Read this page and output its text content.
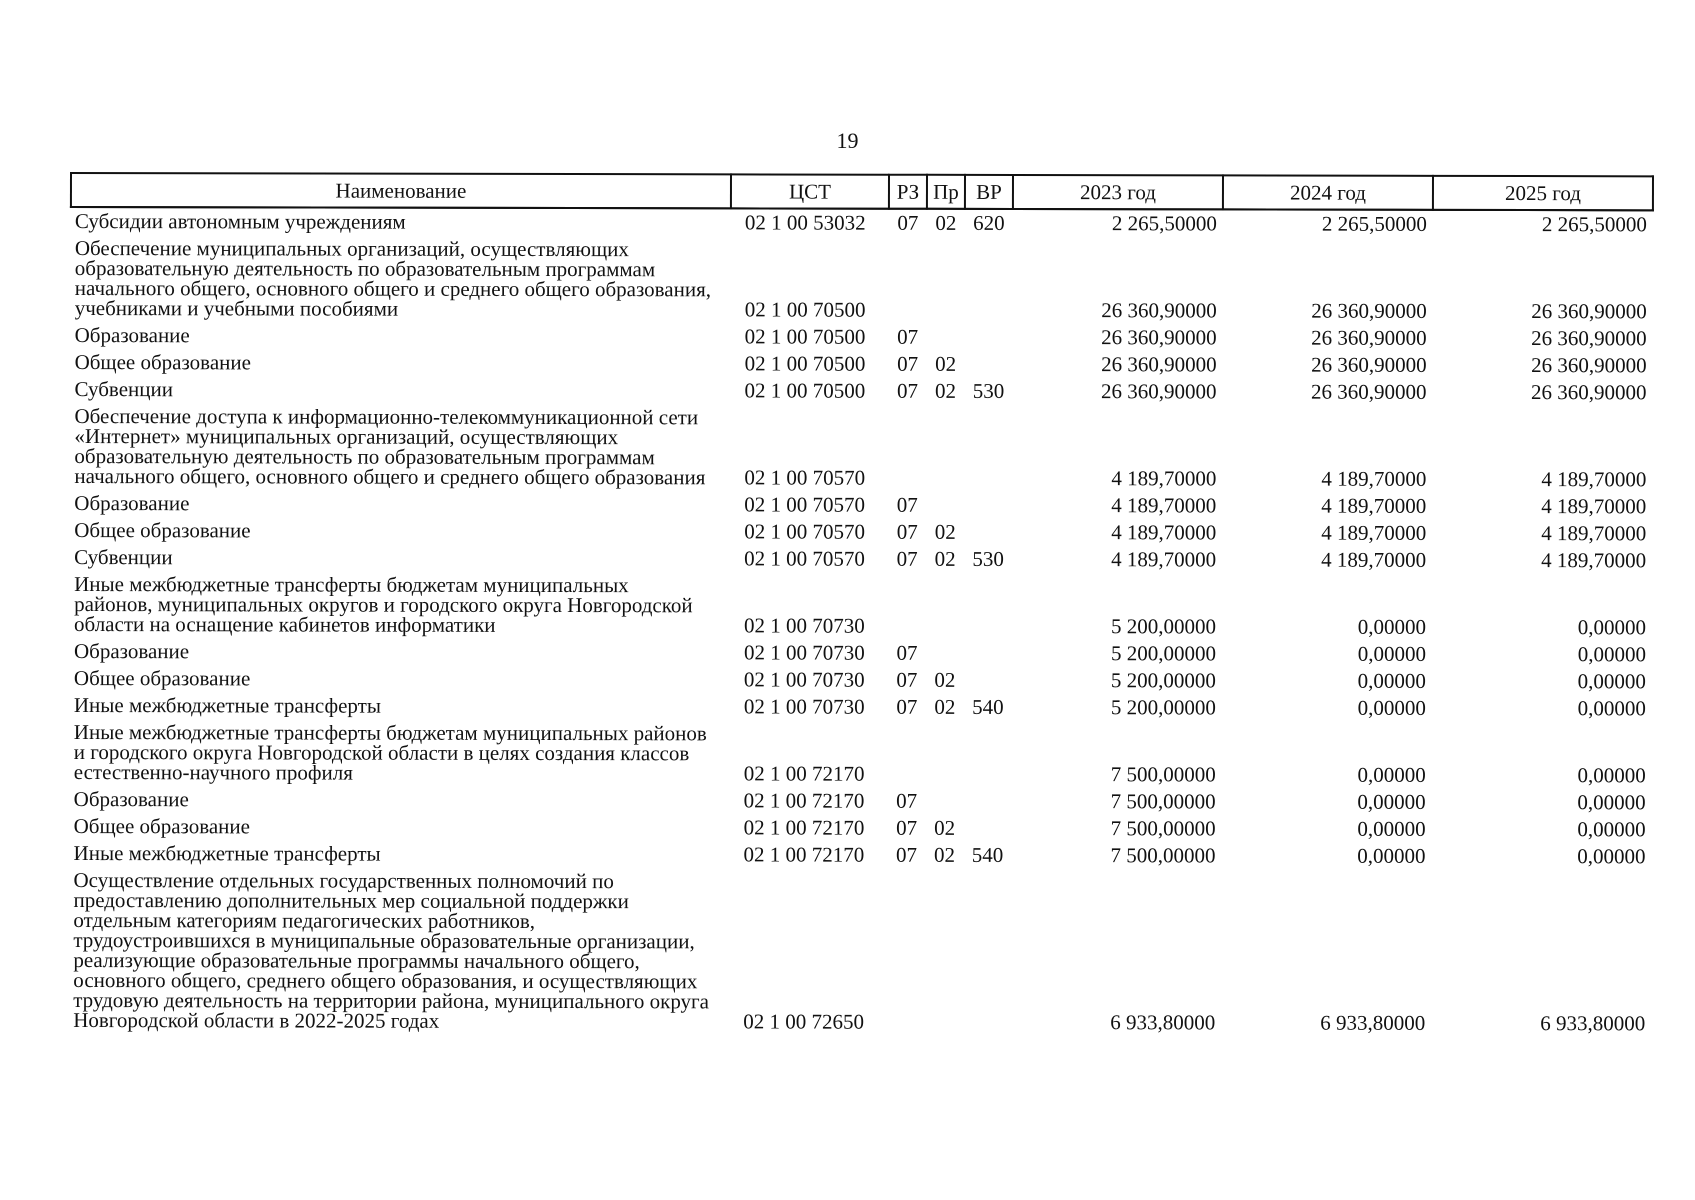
19
Наименование	ЦСТ	РЗ	Пр	ВР	2023 год	2024 год	2025 год
Субсидии автономным учреждениям	02 1 00 53032	07	02	620	2 265,50000	2 265,50000	2 265,50000
Обеспечение муниципальных организаций, осуществляющих образовательную деятельность по образовательным программам начального общего, основного общего и среднего общего образования, учебниками и учебными пособиями	02 1 00 70500				26 360,90000	26 360,90000	26 360,90000
Образование	02 1 00 70500	07			26 360,90000	26 360,90000	26 360,90000
Общее образование	02 1 00 70500	07	02		26 360,90000	26 360,90000	26 360,90000
Субвенции	02 1 00 70500	07	02	530	26 360,90000	26 360,90000	26 360,90000
Обеспечение доступа к информационно-телекоммуникационной сети «Интернет» муниципальных организаций, осуществляющих образовательную деятельность по образовательным программам начального общего, основного общего и среднего общего образования	02 1 00 70570				4 189,70000	4 189,70000	4 189,70000
Образование	02 1 00 70570	07			4 189,70000	4 189,70000	4 189,70000
Общее образование	02 1 00 70570	07	02		4 189,70000	4 189,70000	4 189,70000
Субвенции	02 1 00 70570	07	02	530	4 189,70000	4 189,70000	4 189,70000
Иные межбюджетные трансферты бюджетам муниципальных районов, муниципальных округов и городского округа Новгородской области на оснащение кабинетов информатики	02 1 00 70730				5 200,00000	0,00000	0,00000
Образование	02 1 00 70730	07			5 200,00000	0,00000	0,00000
Общее образование	02 1 00 70730	07	02		5 200,00000	0,00000	0,00000
Иные межбюджетные трансферты	02 1 00 70730	07	02	540	5 200,00000	0,00000	0,00000
Иные межбюджетные трансферты бюджетам муниципальных районов и городского округа Новгородской области в целях создания классов естественно-научного профиля	02 1 00 72170				7 500,00000	0,00000	0,00000
Образование	02 1 00 72170	07			7 500,00000	0,00000	0,00000
Общее образование	02 1 00 72170	07	02		7 500,00000	0,00000	0,00000
Иные межбюджетные трансферты	02 1 00 72170	07	02	540	7 500,00000	0,00000	0,00000
Осуществление отдельных государственных полномочий по предоставлению дополнительных мер социальной поддержки отдельным категориям педагогических работников, трудоустроившихся в муниципальные образовательные организации, реализующие образовательные программы начального общего, основного общего, среднего общего образования, и осуществляющих трудовую деятельность на территории района, муниципального округа Новгородской области в 2022-2025 годах	02 1 00 72650				6 933,80000	6 933,80000	6 933,80000
